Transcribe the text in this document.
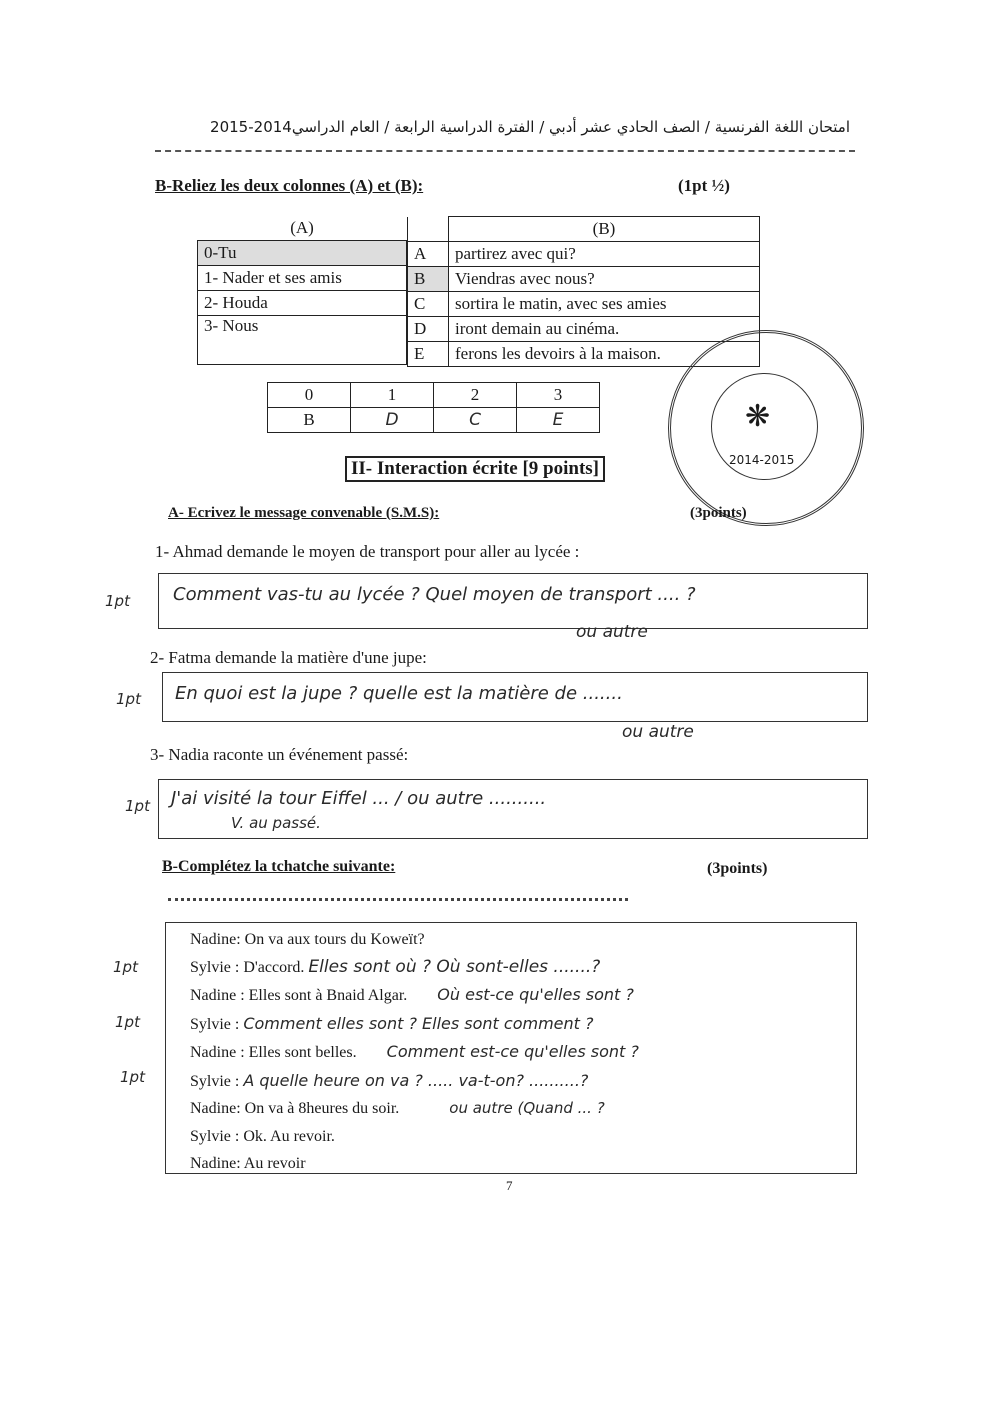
امتحان اللغة الفرنسية / الصف الحادي عشر أدبي / الفترة الدراسية الرابعة / العام الدراسي2014-2015
B-Reliez les deux colonnes (A) et (B):	(1pt ½)
(A)
0-Tu
1- Nader et ses amis
2- Houda
3- Nous
	(B)
A	partirez avec qui?
B	Viendras avec nous?
C	sortira le matin, avec ses amies
D	iront demain au cinéma.
E	ferons les devoirs à la maison.
0	1	2	3
B	D	C	E	❋
2014-2015
II- Interaction écrite [9 points]
A- Ecrivez le message convenable (S.M.S):	(3points)
1- Ahmad demande le moyen de transport pour aller au lycée :
1pt Comment vas-tu au lycée ? Quel moyen de transport .... ?
ou autre
2- Fatma demande la matière d'une jupe:
1pt En quoi est la jupe ? quelle est la matière de .......
ou autre
3- Nadia raconte un événement passé:
1pt J'ai visité la tour Eiffel ... / ou autre ..........
V. au passé.
B-Complétez la tchatche suivante:	(3points)
Nadine: On va aux tours du Koweït?
Sylvie : D'accord. Elles sont où ? Où sont-elles .......?
Nadine : Elles sont à Bnaid Algar. Où est-ce qu'elles sont ?
Sylvie : Comment elles sont ? Elles sont comment ?
Nadine : Elles sont belles. Comment est-ce qu'elles sont ?
Sylvie : A quelle heure on va ? ..... va-t-on? ..........?
Nadine: On va à 8heures du soir.	ou autre (Quand ... ?
Sylvie : Ok. Au revoir.
Nadine: Au revoir
1pt
1pt
1pt
7
